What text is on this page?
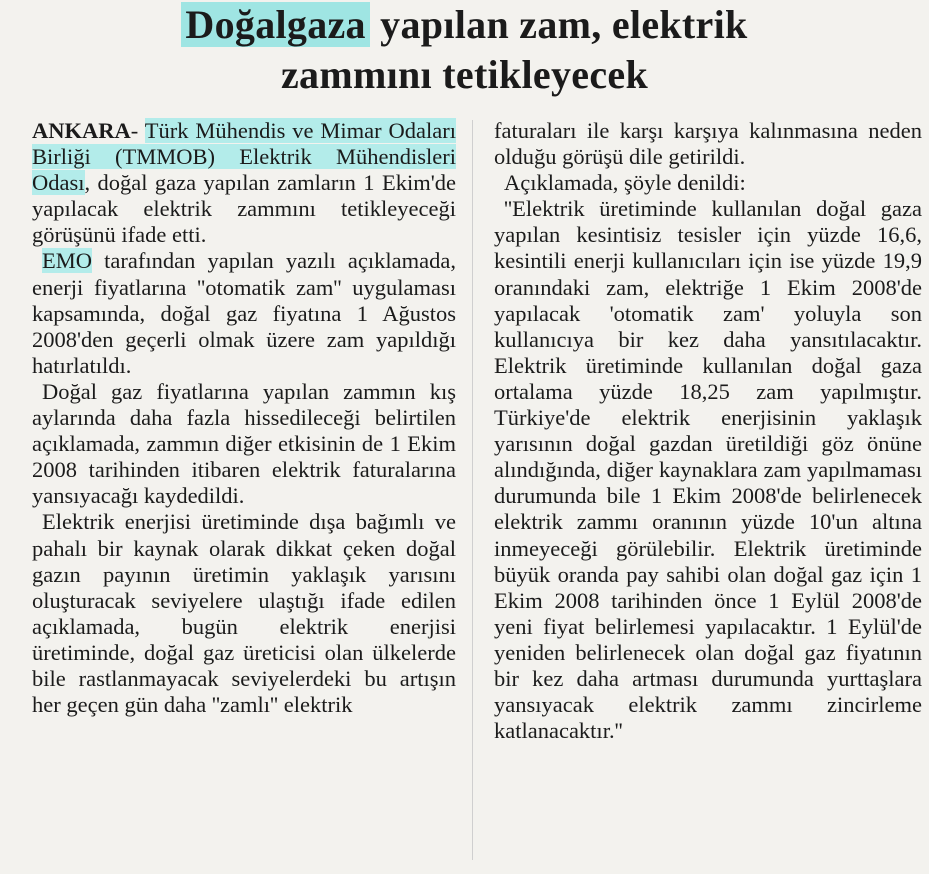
Doğalgaza yapılan zam, elektrik
zammını tetikleyecek

ANKARA- Türk Mühendis ve Mimar Odaları Birliği (TMMOB) Elektrik Mühendisleri Odası, doğal gaza yapılan zamların 1 Ekim'de yapılacak elektrik zammını tetikleyeceği görüşünü ifade etti.

EMO tarafından yapılan yazılı açıklamada, enerji fiyatlarına ''otomatik zam'' uygulaması kapsamında, doğal gaz fiyatına 1 Ağustos 2008'den geçerli olmak üzere zam yapıldığı hatırlatıldı.

Doğal gaz fiyatlarına yapılan zammın kış aylarında daha fazla hissedileceği belirtilen açıklamada, zammın diğer etkisinin de 1 Ekim 2008 tarihinden itibaren elektrik faturalarına yansıyacağı kaydedildi.

Elektrik enerjisi üretiminde dışa bağımlı ve pahalı bir kaynak olarak dikkat çeken doğal gazın payının üretimin yaklaşık yarısını oluşturacak seviyelere ulaştığı ifade edilen açıklamada, bugün elektrik enerjisi üretiminde, doğal gaz üreticisi olan ülkelerde bile rastlanmayacak seviyelerdeki bu artışın her geçen gün daha ''zamlı'' elektrik

faturaları ile karşı karşıya kalınmasına neden olduğu görüşü dile getirildi.

Açıklamada, şöyle denildi:

''Elektrik üretiminde kullanılan doğal gaza yapılan kesintisiz tesisler için yüzde 16,6, kesintili enerji kullanıcıları için ise yüzde 19,9 oranındaki zam, elektriğe 1 Ekim 2008'de yapılacak 'otomatik zam' yoluyla son kullanıcıya bir kez daha yansıtılacaktır. Elektrik üretiminde kullanılan doğal gaza ortalama yüzde 18,25 zam yapılmıştır. Türkiye'de elektrik enerjisinin yaklaşık yarısının doğal gazdan üretildiği göz önüne alındığında, diğer kaynaklara zam yapılmaması durumunda bile 1 Ekim 2008'de belirlenecek elektrik zammı oranının yüzde 10'un altına inmeyeceği görülebilir. Elektrik üretiminde büyük oranda pay sahibi olan doğal gaz için 1 Ekim 2008 tarihinden önce 1 Eylül 2008'de yeni fiyat belirlemesi yapılacaktır. 1 Eylül'de yeniden belirlenecek olan doğal gaz fiyatının bir kez daha artması durumunda yurttaşlara yansıyacak elektrik zammı zincirleme katlanacaktır.''
